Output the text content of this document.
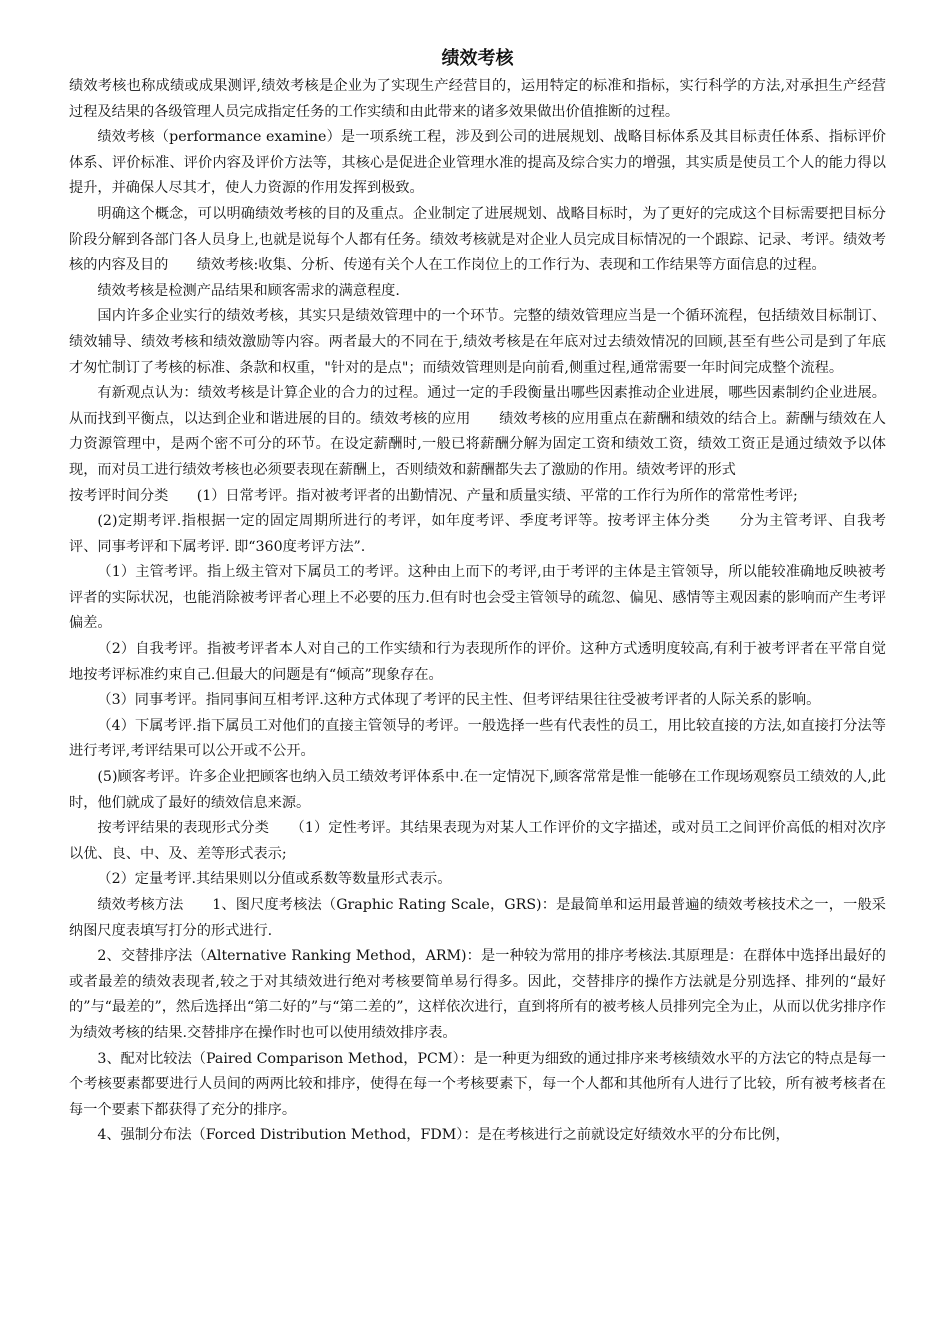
绩效考核

绩效考核也称成绩或成果测评,绩效考核是企业为了实现生产经营目的，运用特定的标准和指标，实行科学的方法,对承担生产经营过程及结果的各级管理人员完成指定任务的工作实绩和由此带来的诸多效果做出价值推断的过程。

绩效考核（performance examine）是一项系统工程，涉及到公司的进展规划、战略目标体系及其目标责任体系、指标评价体系、评价标准、评价内容及评价方法等，其核心是促进企业管理水准的提高及综合实力的增强，其实质是使员工个人的能力得以提升，并确保人尽其才，使人力资源的作用发挥到极致。

明确这个概念，可以明确绩效考核的目的及重点。企业制定了进展规划、战略目标时，为了更好的完成这个目标需要把目标分阶段分解到各部门各人员身上,也就是说每个人都有任务。绩效考核就是对企业人员完成目标情况的一个跟踪、记录、考评。绩效考核的内容及目的　　绩效考核:收集、分析、传递有关个人在工作岗位上的工作行为、表现和工作结果等方面信息的过程。

绩效考核是检测产品结果和顾客需求的满意程度.

国内许多企业实行的绩效考核，其实只是绩效管理中的一个环节。完整的绩效管理应当是一个循环流程，包括绩效目标制订、绩效辅导、绩效考核和绩效激励等内容。两者最大的不同在于,绩效考核是在年底对过去绩效情况的回顾,甚至有些公司是到了年底才匆忙制订了考核的标准、条款和权重，"针对的是点"；而绩效管理则是向前看,侧重过程,通常需要一年时间完成整个流程。

有新观点认为：绩效考核是计算企业的合力的过程。通过一定的手段衡量出哪些因素推动企业进展，哪些因素制约企业进展。从而找到平衡点，以达到企业和谐进展的目的。绩效考核的应用　　绩效考核的应用重点在薪酬和绩效的结合上。薪酬与绩效在人力资源管理中，是两个密不可分的环节。在设定薪酬时,一般已将薪酬分解为固定工资和绩效工资，绩效工资正是通过绩效予以体现，而对员工进行绩效考核也必须要表现在薪酬上，否则绩效和薪酬都失去了激励的作用。绩效考评的形式

按考评时间分类　　(1）日常考评。指对被考评者的出勤情况、产量和质量实绩、平常的工作行为所作的常常性考评;

(2)定期考评.指根据一定的固定周期所进行的考评，如年度考评、季度考评等。按考评主体分类　　分为主管考评、自我考评、同事考评和下属考评. 即“360度考评方法”.

（1）主管考评。指上级主管对下属员工的考评。这种由上而下的考评,由于考评的主体是主管领导，所以能较准确地反映被考评者的实际状况，也能消除被考评者心理上不必要的压力.但有时也会受主管领导的疏忽、偏见、感情等主观因素的影响而产生考评偏差。

（2）自我考评。指被考评者本人对自己的工作实绩和行为表现所作的评价。这种方式透明度较高,有利于被考评者在平常自觉地按考评标准约束自己.但最大的问题是有“倾高”现象存在。

（3）同事考评。指同事间互相考评.这种方式体现了考评的民主性、但考评结果往往受被考评者的人际关系的影响。

（4）下属考评.指下属员工对他们的直接主管领导的考评。一般选择一些有代表性的员工，用比较直接的方法,如直接打分法等进行考评,考评结果可以公开或不公开。

(5)顾客考评。许多企业把顾客也纳入员工绩效考评体系中.在一定情况下,顾客常常是惟一能够在工作现场观察员工绩效的人,此时，他们就成了最好的绩效信息来源。

按考评结果的表现形式分类　　（1）定性考评。其结果表现为对某人工作评价的文字描述，或对员工之间评价高低的相对次序以优、良、中、及、差等形式表示;

（2）定量考评.其结果则以分值或系数等数量形式表示。

绩效考核方法　　1、图尺度考核法（Graphic Rating Scale，GRS)：是最简单和运用最普遍的绩效考核技术之一，一般采纳图尺度表填写打分的形式进行.

2、交替排序法（Alternative Ranking Method，ARM)：是一种较为常用的排序考核法.其原理是：在群体中选择出最好的或者最差的绩效表现者,较之于对其绩效进行绝对考核要简单易行得多。因此，交替排序的操作方法就是分别选择、排列的“最好的”与“最差的”，然后选择出“第二好的”与“第二差的”，这样依次进行，直到将所有的被考核人员排列完全为止，从而以优劣排序作为绩效考核的结果.交替排序在操作时也可以使用绩效排序表。

3、配对比较法（Paired Comparison Method，PCM）：是一种更为细致的通过排序来考核绩效水平的方法它的特点是每一个考核要素都要进行人员间的两两比较和排序，使得在每一个考核要素下，每一个人都和其他所有人进行了比较，所有被考核者在每一个要素下都获得了充分的排序。

4、强制分布法（Forced Distribution Method，FDM）：是在考核进行之前就设定好绩效水平的分布比例，
